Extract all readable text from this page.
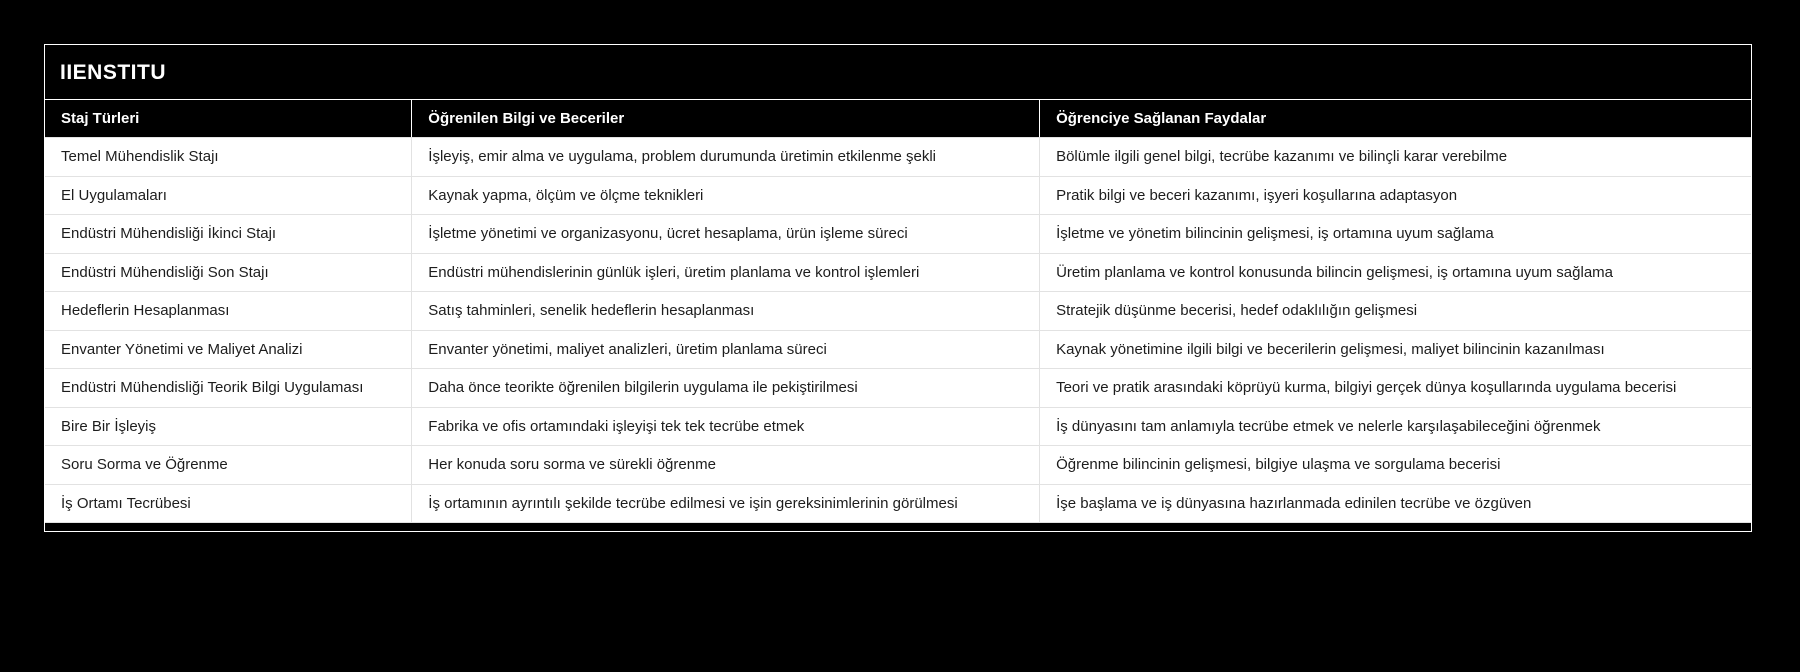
IIENSTITU
Staj Türleri	Öğrenilen Bilgi ve Beceriler	Öğrenciye Sağlanan Faydalar
Temel Mühendislik Stajı	İşleyiş, emir alma ve uygulama, problem durumunda üretimin etkilenme şekli	Bölümle ilgili genel bilgi, tecrübe kazanımı ve bilinçli karar verebilme
El Uygulamaları	Kaynak yapma, ölçüm ve ölçme teknikleri	Pratik bilgi ve beceri kazanımı, işyeri koşullarına adaptasyon
Endüstri Mühendisliği İkinci Stajı	İşletme yönetimi ve organizasyonu, ücret hesaplama, ürün işleme süreci	İşletme ve yönetim bilincinin gelişmesi, iş ortamına uyum sağlama
Endüstri Mühendisliği Son Stajı	Endüstri mühendislerinin günlük işleri, üretim planlama ve kontrol işlemleri	Üretim planlama ve kontrol konusunda bilincin gelişmesi, iş ortamına uyum sağlama
Hedeflerin Hesaplanması	Satış tahminleri, senelik hedeflerin hesaplanması	Stratejik düşünme becerisi, hedef odaklılığın gelişmesi
Envanter Yönetimi ve Maliyet Analizi	Envanter yönetimi, maliyet analizleri, üretim planlama süreci	Kaynak yönetimine ilgili bilgi ve becerilerin gelişmesi, maliyet bilincinin kazanılması
Endüstri Mühendisliği Teorik Bilgi Uygulaması	Daha önce teorikte öğrenilen bilgilerin uygulama ile pekiştirilmesi	Teori ve pratik arasındaki köprüyü kurma, bilgiyi gerçek dünya koşullarında uygulama becerisi
Bire Bir İşleyiş	Fabrika ve ofis ortamındaki işleyişi tek tek tecrübe etmek	İş dünyasını tam anlamıyla tecrübe etmek ve nelerle karşılaşabileceğini öğrenmek
Soru Sorma ve Öğrenme	Her konuda soru sorma ve sürekli öğrenme	Öğrenme bilincinin gelişmesi, bilgiye ulaşma ve sorgulama becerisi
İş Ortamı Tecrübesi	İş ortamının ayrıntılı şekilde tecrübe edilmesi ve işin gereksinimlerinin görülmesi	İşe başlama ve iş dünyasına hazırlanmada edinilen tecrübe ve özgüven
